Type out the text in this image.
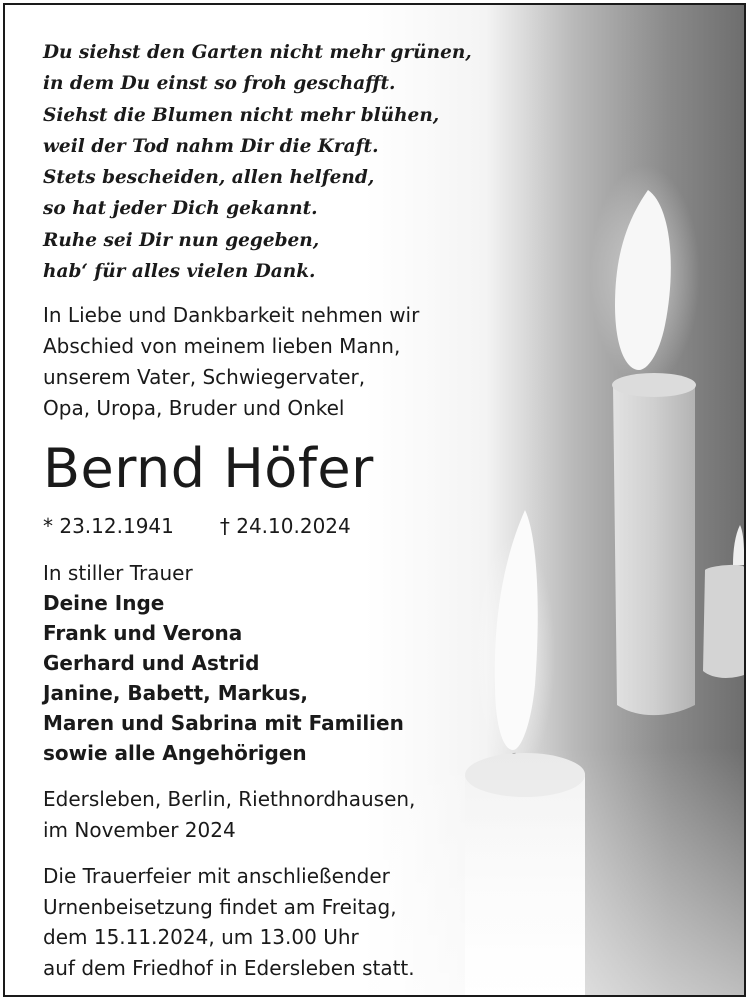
Du siehst den Garten nicht mehr grünen,
in dem Du einst so froh geschafft.
Siehst die Blumen nicht mehr blühen,
weil der Tod nahm Dir die Kraft.
Stets bescheiden, allen helfend,
so hat jeder Dich gekannt.
Ruhe sei Dir nun gegeben,
hab‘ für alles vielen Dank.
In Liebe und Dankbarkeit nehmen wir
Abschied von meinem lieben Mann,
unserem Vater, Schwiegervater,
Opa, Uropa, Bruder und Onkel
Bernd Höfer
* 23.12.1941 † 24.10.2024
In stiller Trauer
Deine Inge
Frank und Verona
Gerhard und Astrid
Janine, Babett, Markus,
Maren und Sabrina mit Familien
sowie alle Angehörigen
Edersleben, Berlin, Riethnordhausen,
im November 2024
Die Trauerfeier mit anschließender
Urnenbeisetzung findet am Freitag,
dem 15.11.2024, um 13.00 Uhr
auf dem Friedhof in Edersleben statt.
